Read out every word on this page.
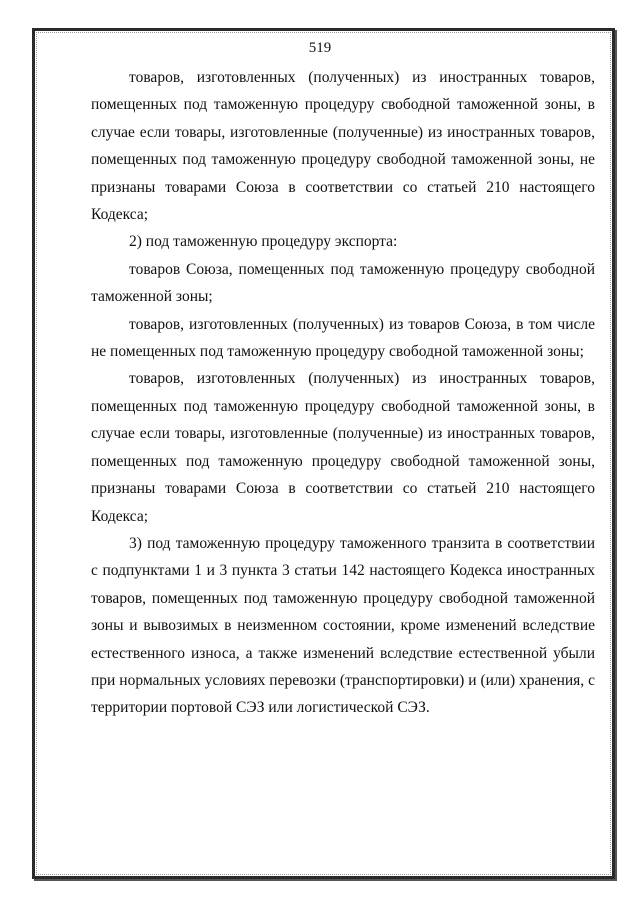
519

товаров, изготовленных (полученных) из иностранных товаров, помещенных под таможенную процедуру свободной таможенной зоны, в случае если товары, изготовленные (полученные) из иностранных товаров, помещенных под таможенную процедуру свободной таможенной зоны, не признаны товарами Союза в соответствии со статьей 210 настоящего Кодекса;

2) под таможенную процедуру экспорта:

товаров Союза, помещенных под таможенную процедуру свободной таможенной зоны;

товаров, изготовленных (полученных) из товаров Союза, в том числе не помещенных под таможенную процедуру свободной таможенной зоны;

товаров, изготовленных (полученных) из иностранных товаров, помещенных под таможенную процедуру свободной таможенной зоны, в случае если товары, изготовленные (полученные) из иностранных товаров, помещенных под таможенную процедуру свободной таможенной зоны, признаны товарами Союза в соответствии со статьей 210 настоящего Кодекса;

3) под таможенную процедуру таможенного транзита в соответствии с подпунктами 1 и 3 пункта 3 статьи 142 настоящего Кодекса иностранных товаров, помещенных под таможенную процедуру свободной таможенной зоны и вывозимых в неизменном состоянии, кроме изменений вследствие естественного износа, а также изменений вследствие естественной убыли при нормальных условиях перевозки (транспортировки) и (или) хранения, с территории портовой СЭЗ или логистической СЭЗ.
